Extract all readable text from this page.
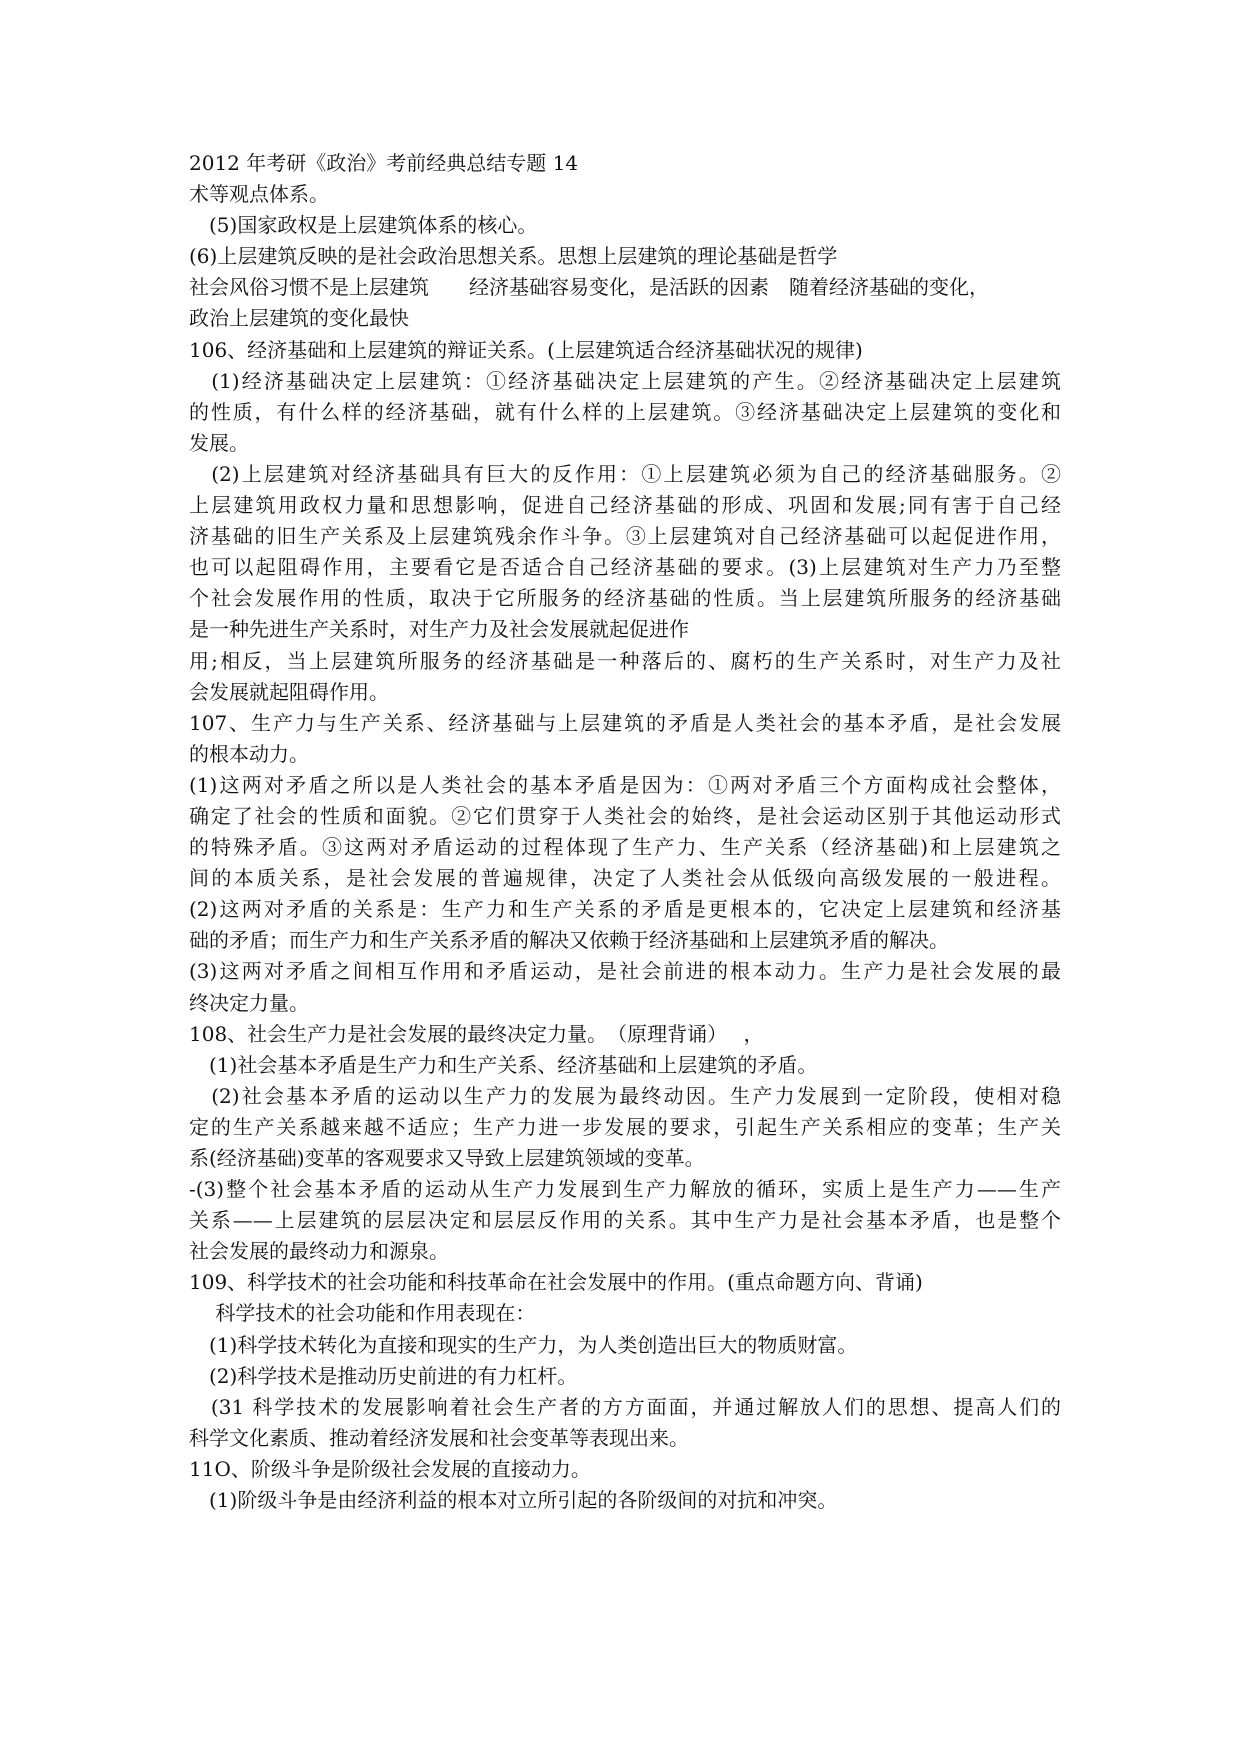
2012 年考研《政治》考前经典总结专题 14
术等观点体系。
　(5)国家政权是上层建筑体系的核心。
(6)上层建筑反映的是社会政治思想关系。思想上层建筑的理论基础是哲学
社会风俗习惯不是上层建筑　　经济基础容易变化，是活跃的因素　随着经济基础的变化，
政治上层建筑的变化最快
106、经济基础和上层建筑的辩证关系。(上层建筑适合经济基础状况的规律)
　(1)经济基础决定上层建筑：①经济基础决定上层建筑的产生。②经济基础决定上层建筑
的性质，有什么样的经济基础，就有什么样的上层建筑。③经济基础决定上层建筑的变化和
发展。
　(2)上层建筑对经济基础具有巨大的反作用：①上层建筑必须为自己的经济基础服务。②
上层建筑用政权力量和思想影响，促进自己经济基础的形成、巩固和发展;同有害于自己经
济基础的旧生产关系及上层建筑残余作斗争。③上层建筑对自己经济基础可以起促进作用，
也可以起阻碍作用，主要看它是否适合自己经济基础的要求。(3)上层建筑对生产力乃至整
个社会发展作用的性质，取决于它所服务的经济基础的性质。当上层建筑所服务的经济基础
是一种先进生产关系时，对生产力及社会发展就起促进作
用;相反，当上层建筑所服务的经济基础是一种落后的、腐朽的生产关系时，对生产力及社
会发展就起阻碍作用。
107、生产力与生产关系、经济基础与上层建筑的矛盾是人类社会的基本矛盾，是社会发展
的根本动力。
(1)这两对矛盾之所以是人类社会的基本矛盾是因为：①两对矛盾三个方面构成社会整体，
确定了社会的性质和面貌。②它们贯穿于人类社会的始终，是社会运动区别于其他运动形式
的特殊矛盾。③这两对矛盾运动的过程体现了生产力、生产关系（经济基础)和上层建筑之
间的本质关系，是社会发展的普遍规律，决定了人类社会从低级向高级发展的一般进程。
(2)这两对矛盾的关系是：生产力和生产关系的矛盾是更根本的，它决定上层建筑和经济基
础的矛盾；而生产力和生产关系矛盾的解决又依赖于经济基础和上层建筑矛盾的解决。
(3)这两对矛盾之间相互作用和矛盾运动，是社会前进的根本动力。生产力是社会发展的最
终决定力量。
108、社会生产力是社会发展的最终决定力量。　（原理背诵）　 ，
　(1)社会基本矛盾是生产力和生产关系、经济基础和上层建筑的矛盾。
　(2)社会基本矛盾的运动以生产力的发展为最终动因。生产力发展到一定阶段，使相对稳
定的生产关系越来越不适应；生产力进一步发展的要求，引起生产关系相应的变革；生产关
系(经济基础)变革的客观要求又导致上层建筑领域的变革。
-(3)整个社会基本矛盾的运动从生产力发展到生产力解放的循环，实质上是生产力——生产
关系——上层建筑的层层决定和层层反作用的关系。其中生产力是社会基本矛盾，也是整个
社会发展的最终动力和源泉。
109、科学技术的社会功能和科技革命在社会发展中的作用。(重点命题方向、背诵)
　 科学技术的社会功能和作用表现在：
　(1)科学技术转化为直接和现实的生产力，为人类创造出巨大的物质财富。
　(2)科学技术是推动历史前进的有力杠杆。
　(31 科学技术的发展影响着社会生产者的方方面面，并通过解放人们的思想、提高人们的
科学文化素质、推动着经济发展和社会变革等表现出来。
11O、阶级斗争是阶级社会发展的直接动力。
　(1)阶级斗争是由经济利益的根本对立所引起的各阶级间的对抗和冲突。
